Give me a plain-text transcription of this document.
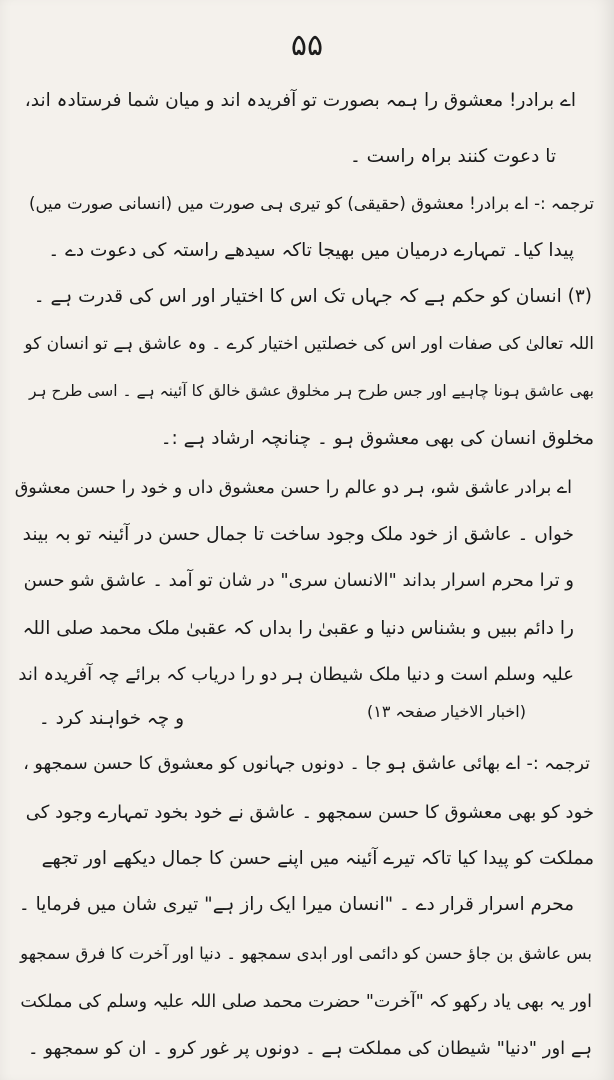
۵۵
اے برادر! معشوق را ہمہ بصورت تو آفریدہ اند و میان شما فرستادہ اند،
تا دعوت کنند براہ راست ۔
ترجمہ :- اے برادر! معشوق (حقیقی) کو تیری ہی صورت میں (انسانی صورت میں)
پیدا کیا۔ تمہارے درمیان میں بھیجا تاکہ سیدھے راستہ کی دعوت دے ۔
(۳) انسان کو حکم ہے کہ جہاں تک اس کا اختیار اور اس کی قدرت ہے ۔
اللہ تعالیٰ کی صفات اور اس کی خصلتیں اختیار کرے ۔ وہ عاشق ہے تو انسان کو
بھی عاشق ہونا چاہیے اور جس طرح ہر مخلوق عشق خالق کا آئینہ ہے ۔ اسی طرح ہر
مخلوق انسان کی بھی معشوق ہو ۔ چنانچہ ارشاد ہے :۔
اے برادر عاشق شو، ہر دو عالم را حسن معشوق داں و خود را حسن معشوق
خواں ۔ عاشق از خود ملک وجود ساخت تا جمال حسن در آئینہ تو بہ بیند
و ترا محرم اسرار بداند "الانسان سری" در شان تو آمد ۔ عاشق شو حسن
را دائم ببیں و بشناس دنیا و عقبیٰ را بداں کہ عقبیٰ ملک محمد صلی اللہ
علیہ وسلم است و دنیا ملک شیطان ہر دو را دریاب کہ برائے چہ آفریدہ اند
و چہ خواہند کرد ۔	(اخبار الاخیار صفحہ ۱۳)
ترجمہ :- اے بھائی عاشق ہو جا ۔ دونوں جہانوں کو معشوق کا حسن سمجھو ،
خود کو بھی معشوق کا حسن سمجھو ۔ عاشق نے خود بخود تمہارے وجود کی
مملکت کو پیدا کیا تاکہ تیرے آئینہ میں اپنے حسن کا جمال دیکھے اور تجھے
محرم اسرار قرار دے ۔ "انسان میرا ایک راز ہے" تیری شان میں فرمایا ۔
بس عاشق بن جاؤ حسن کو دائمی اور ابدی سمجھو ۔ دنیا اور آخرت کا فرق سمجھو
اور یہ بھی یاد رکھو کہ "آخرت" حضرت محمد صلی اللہ علیہ وسلم کی مملکت
ہے اور "دنیا" شیطان کی مملکت ہے ۔ دونوں پر غور کرو ۔ ان کو سمجھو ۔
